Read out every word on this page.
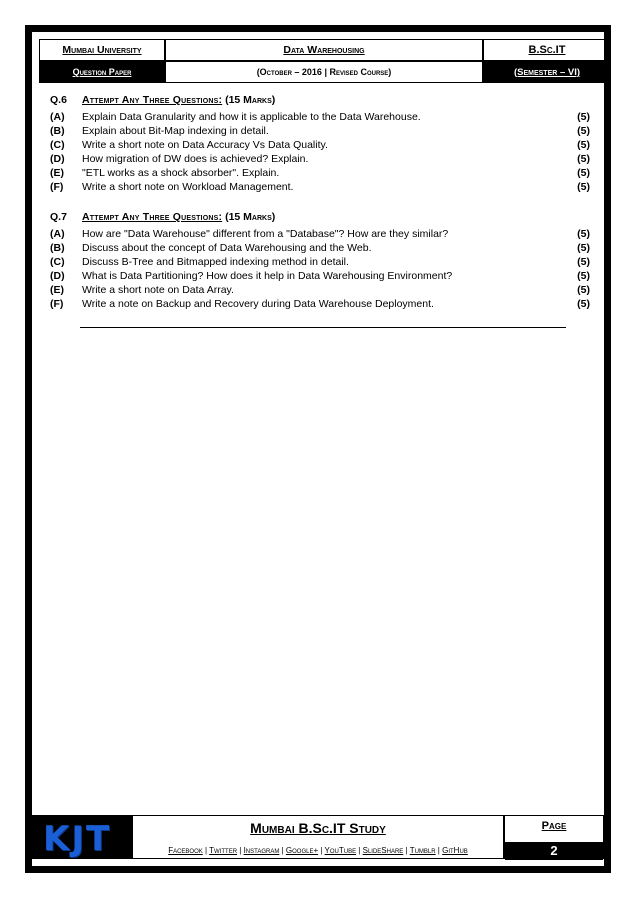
Mumbai University	Data Warehousing	B.Sc.IT
Question Paper	(October – 2016 | Revised Course)	(Semester – VI)
Q.6 Attempt Any Three Questions: (15 Marks)
(A) Explain Data Granularity and how it is applicable to the Data Warehouse.	(5)
(B) Explain about Bit-Map indexing in detail.	(5)
(C) Write a short note on Data Accuracy Vs Data Quality.	(5)
(D) How migration of DW does is achieved? Explain.	(5)
(E) "ETL works as a shock absorber". Explain.	(5)
(F) Write a short note on Workload Management.	(5)
Q.7 Attempt Any Three Questions: (15 Marks)
(A) How are "Data Warehouse" different from a "Database"? How are they similar?	(5)
(B) Discuss about the concept of Data Warehousing and the Web.	(5)
(C) Discuss B-Tree and Bitmapped indexing method in detail.	(5)
(D) What is Data Partitioning? How does it help in Data Warehousing Environment?	(5)
(E) Write a short note on Data Array.	(5)
(F) Write a note on Backup and Recovery during Data Warehouse Deployment.	(5)
KJT	Mumbai B.Sc.IT Study
Facebook | Twitter | Instagram | Google+ | YouTube | SlideShare | Tumblr | GitHub
Page
2
